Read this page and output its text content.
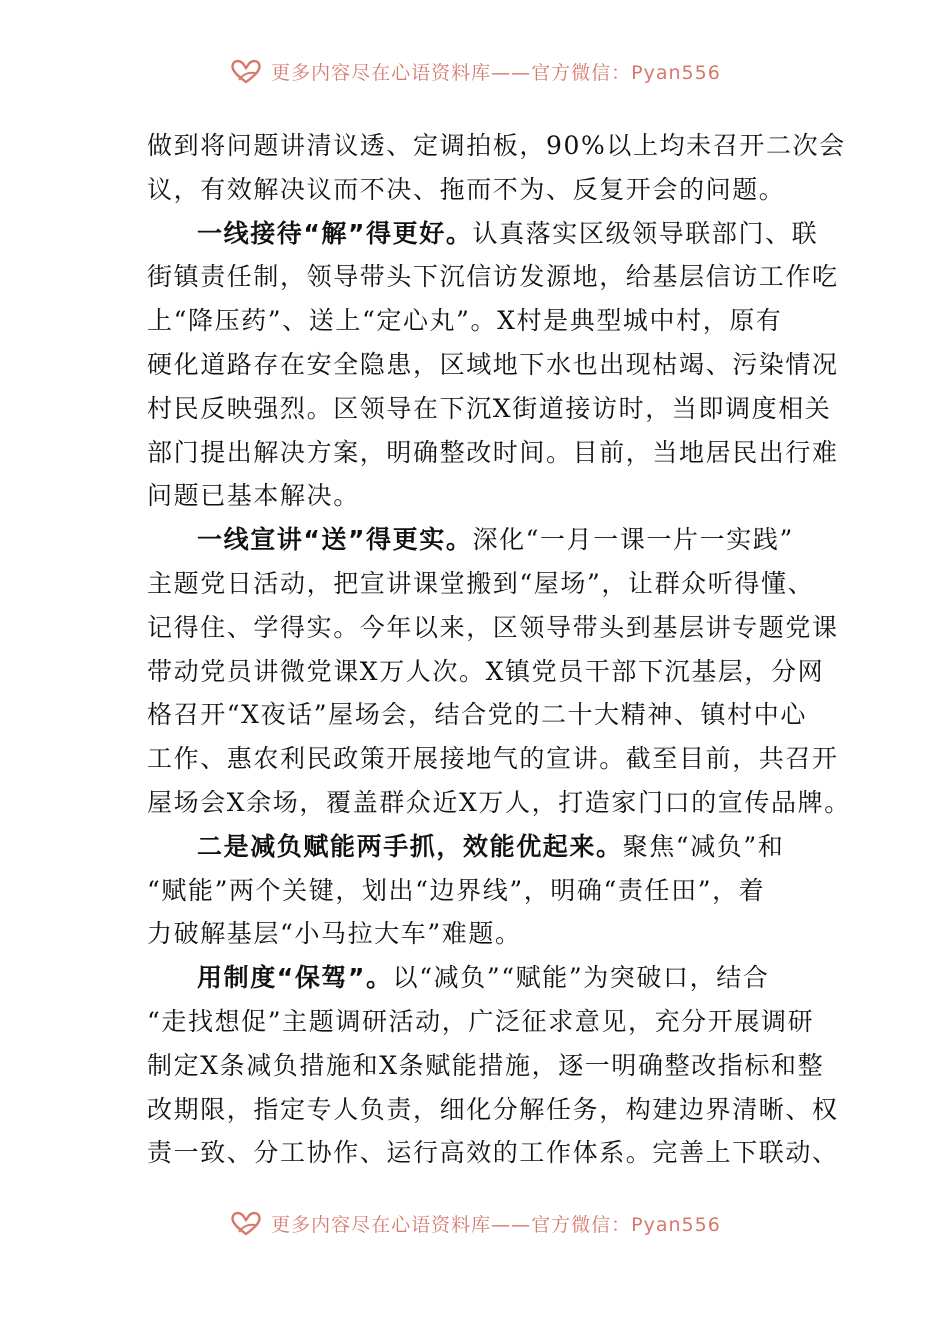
更多内容尽在心语资料库——官方微信：Pyan556
做到将问题讲清议透、定调拍板，90%以上均未召开二次会
议，有效解决议而不决、拖而不为、反复开会的问题。
一线接待“解”得更好。认真落实区级领导联部门、联
街镇责任制，领导带头下沉信访发源地，给基层信访工作吃
上“降压药”、送上“定心丸”。X村是典型城中村，原有
硬化道路存在安全隐患，区域地下水也出现枯竭、污染情况
村民反映强烈。区领导在下沉X街道接访时，当即调度相关
部门提出解决方案，明确整改时间。目前，当地居民出行难
问题已基本解决。
一线宣讲“送”得更实。深化“一月一课一片一实践”
主题党日活动，把宣讲课堂搬到“屋场”，让群众听得懂、
记得住、学得实。今年以来，区领导带头到基层讲专题党课
带动党员讲微党课X万人次。X镇党员干部下沉基层，分网
格召开“X夜话”屋场会，结合党的二十大精神、镇村中心
工作、惠农利民政策开展接地气的宣讲。截至目前，共召开
屋场会X余场，覆盖群众近X万人，打造家门口的宣传品牌。
二是减负赋能两手抓，效能优起来。聚焦“减负”和
“赋能”两个关键，划出“边界线”，明确“责任田”，着
力破解基层“小马拉大车”难题。
用制度“保驾”。以“减负”“赋能”为突破口，结合
“走找想促”主题调研活动，广泛征求意见，充分开展调研
制定X条减负措施和X条赋能措施，逐一明确整改指标和整
改期限，指定专人负责，细化分解任务，构建边界清晰、权
责一致、分工协作、运行高效的工作体系。完善上下联动、
更多内容尽在心语资料库——官方微信：Pyan556
